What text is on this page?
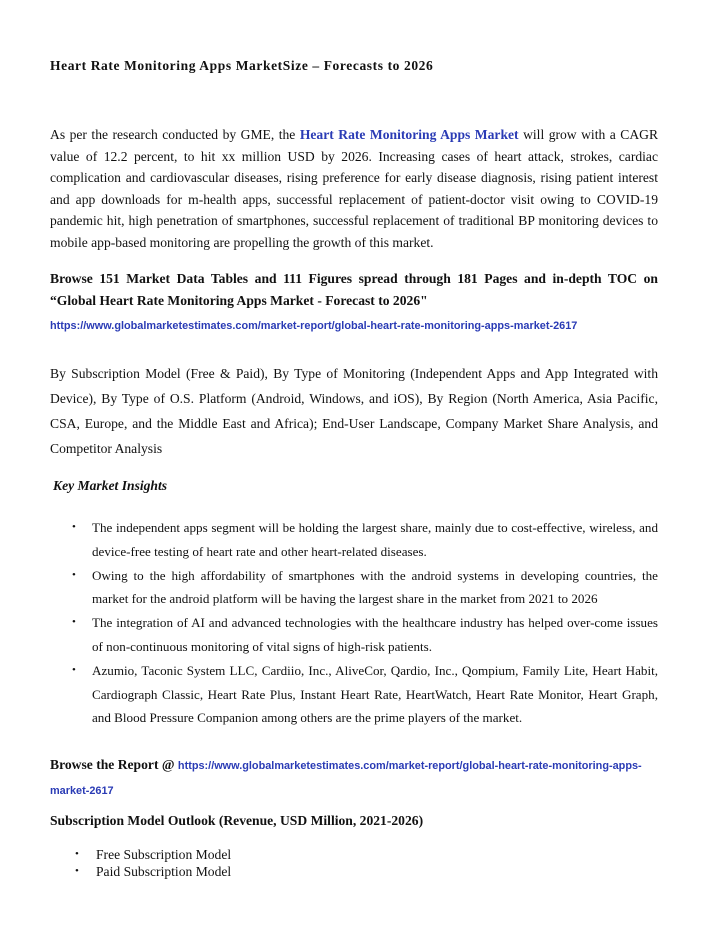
Heart Rate Monitoring Apps MarketSize – Forecasts to 2026

As per the research conducted by GME, the Heart Rate Monitoring Apps Market will grow with a CAGR value of 12.2 percent, to hit xx million USD by 2026. Increasing cases of heart attack, strokes, cardiac complication and cardiovascular diseases, rising preference for early disease diagnosis, rising patient interest and app downloads for m-health apps, successful replacement of patient-doctor visit owing to COVID-19 pandemic hit, high penetration of smartphones, successful replacement of traditional BP monitoring devices to mobile app-based monitoring are propelling the growth of this market.

Browse 151 Market Data Tables and 111 Figures spread through 181 Pages and in-depth TOC on “Global Heart Rate Monitoring Apps Market - Forecast to 2026"

https://www.globalmarketestimates.com/market-report/global-heart-rate-monitoring-apps-market-2617

By Subscription Model (Free & Paid), By Type of Monitoring (Independent Apps and App Integrated with Device), By Type of O.S. Platform (Android, Windows, and iOS), By Region (North America, Asia Pacific, CSA, Europe, and the Middle East and Africa); End-User Landscape, Company Market Share Analysis, and Competitor Analysis

Key Market Insights
• The independent apps segment will be holding the largest share, mainly due to cost-effective, wireless, and device-free testing of heart rate and other heart-related diseases.
• Owing to the high affordability of smartphones with the android systems in developing countries, the market for the android platform will be having the largest share in the market from 2021 to 2026
• The integration of AI and advanced technologies with the healthcare industry has helped over-come issues of non-continuous monitoring of vital signs of high-risk patients.
• Azumio, Taconic System LLC, Cardiio, Inc., AliveCor, Qardio, Inc., Qompium, Family Lite, Heart Habit, Cardiograph Classic, Heart Rate Plus, Instant Heart Rate, HeartWatch, Heart Rate Monitor, Heart Graph, and Blood Pressure Companion among others are the prime players of the market.
Browse the Report @ https://www.globalmarketestimates.com/market-report/global-heart-rate-monitoring-apps-market-2617
Subscription Model Outlook (Revenue, USD Million, 2021-2026)
• Free Subscription Model
• Paid Subscription Model
